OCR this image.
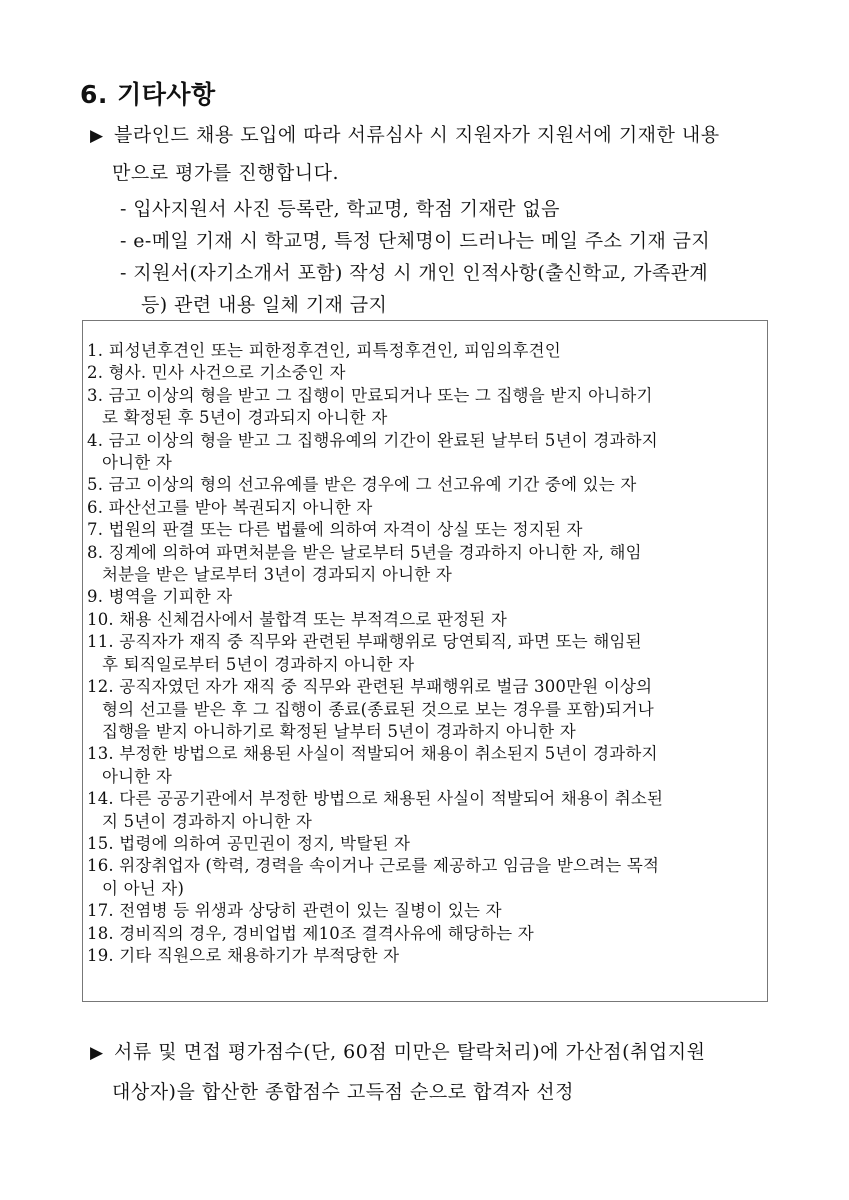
6. 기타사항
▶ 블라인드 채용 도입에 따라 서류심사 시 지원자가 지원서에 기재한 내용
만으로 평가를 진행합니다.
- 입사지원서 사진 등록란, 학교명, 학점 기재란 없음
- e-메일 기재 시 학교명, 특정 단체명이 드러나는 메일 주소 기재 금지
- 지원서(자기소개서 포함) 작성 시 개인 인적사항(출신학교, 가족관계
등) 관련 내용 일체 기재 금지
1. 피성년후견인 또는 피한정후견인, 피특정후견인, 피임의후견인
2. 형사. 민사 사건으로 기소중인 자
3. 금고 이상의 형을 받고 그 집행이 만료되거나 또는 그 집행을 받지 아니하기
로 확정된 후 5년이 경과되지 아니한 자
4. 금고 이상의 형을 받고 그 집행유예의 기간이 완료된 날부터 5년이 경과하지
아니한 자
5. 금고 이상의 형의 선고유예를 받은 경우에 그 선고유예 기간 중에 있는 자
6. 파산선고를 받아 복권되지 아니한 자
7. 법원의 판결 또는 다른 법률에 의하여 자격이 상실 또는 정지된 자
8. 징계에 의하여 파면처분을 받은 날로부터 5년을 경과하지 아니한 자, 해임
처분을 받은 날로부터 3년이 경과되지 아니한 자
9. 병역을 기피한 자
10. 채용 신체검사에서 불합격 또는 부적격으로 판정된 자
11. 공직자가 재직 중 직무와 관련된 부패행위로 당연퇴직, 파면 또는 해임된
후 퇴직일로부터 5년이 경과하지 아니한 자
12. 공직자였던 자가 재직 중 직무와 관련된 부패행위로 벌금 300만원 이상의
형의 선고를 받은 후 그 집행이 종료(종료된 것으로 보는 경우를 포함)되거나
집행을 받지 아니하기로 확정된 날부터 5년이 경과하지 아니한 자
13. 부정한 방법으로 채용된 사실이 적발되어 채용이 취소된지 5년이 경과하지
아니한 자
14. 다른 공공기관에서 부정한 방법으로 채용된 사실이 적발되어 채용이 취소된
지 5년이 경과하지 아니한 자
15. 법령에 의하여 공민권이 정지, 박탈된 자
16. 위장취업자 (학력, 경력을 속이거나 근로를 제공하고 임금을 받으려는 목적
이 아닌 자)
17. 전염병 등 위생과 상당히 관련이 있는 질병이 있는 자
18. 경비직의 경우, 경비업법 제10조 결격사유에 해당하는 자
19. 기타 직원으로 채용하기가 부적당한 자
▶ 서류 및 면접 평가점수(단, 60점 미만은 탈락처리)에 가산점(취업지원
대상자)을 합산한 종합점수 고득점 순으로 합격자 선정
